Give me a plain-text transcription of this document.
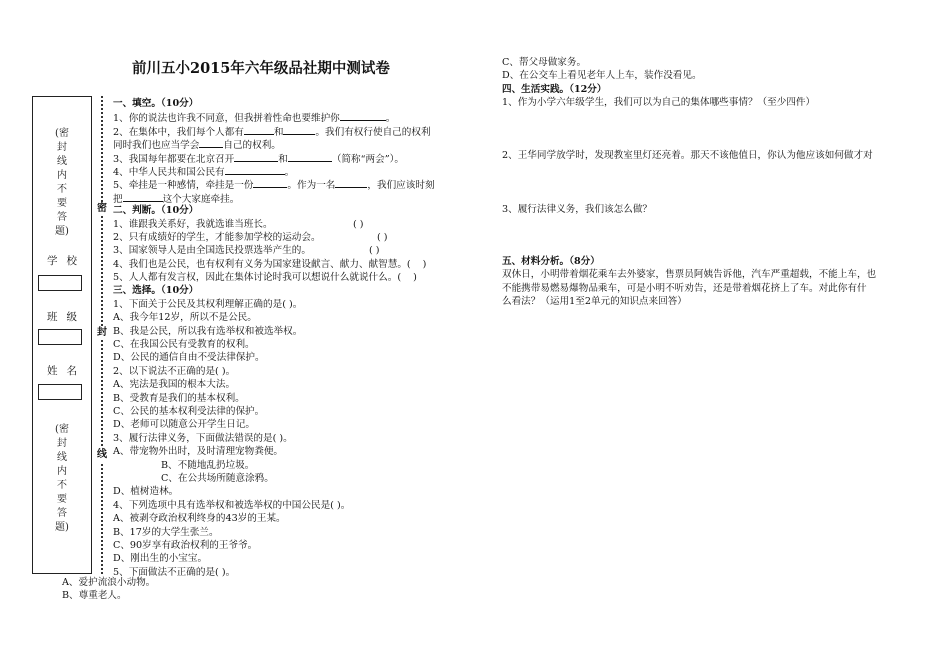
前川五小2015年六年级品社期中测试卷
(密封线内不要答题)
学校
班级
姓名
(密封线内不要答题)
密
封
线
一、填空。（10分）
1、你的说法也许我不同意，但我拼着性命也要维护你	。
2、在集体中，我们每个人都有	和	。我们有权行使自己的权利
同时我们也应当学会	自己的权利。
3、我国每年都要在北京召开	和	（简称“两会”）。
4、中华人民共和国公民有	。
5、牵挂是一种感情，牵挂是一份	。作为一名	，我们应该时刻
把	这个大家庭牵挂。
二、判断。（10分）
1、谁跟我关系好，我就选谁当班长。	( )
2、只有成绩好的学生，才能参加学校的运动会。	( )
3、国家领导人是由全国选民投票选举产生的。	( )
4、我们也是公民，也有权利有义务为国家建设献言、献力、献智慧。( )
5、人人都有发言权，因此在集体讨论时我可以想说什么就说什么。( )
三、选择。（10分）
1、下面关于公民及其权利理解正确的是( )。
A、我今年12岁，所以不是公民。
B、我是公民，所以我有选举权和被选举权。
C、在我国公民有受教育的权利。
D、公民的通信自由不受法律保护。
2、以下说法不正确的是( )。
A、宪法是我国的根本大法。
B、受教育是我们的基本权利。
C、公民的基本权利受法律的保护。
D、老师可以随意公开学生日记。
3、履行法律义务，下面做法错误的是( )。
A、带宠物外出时，及时清理宠物粪便。
B、不随地乱扔垃圾。
C、在公共场所随意涂鸦。
D、植树造林。
4、下列选项中具有选举权和被选举权的中国公民是( )。
A、被剥夺政治权利终身的43岁的王某。
B、17岁的大学生张兰。
C、90岁享有政治权利的王爷爷。
D、刚出生的小宝宝。
5、下面做法不正确的是( )。
A、爱护流浪小动物。
B、尊重老人。
C、帮父母做家务。
D、在公交车上看见老年人上车，装作没看见。
四、生活实践。（12分）
1、作为小学六年级学生，我们可以为自己的集体哪些事情？（至少四件）
2、王华同学放学时，发现教室里灯还亮着。那天不该他值日，你认为他应该如何做才对
3、履行法律义务，我们该怎么做？
五、材料分析。（8分）
双休日，小明带着烟花乘车去外婆家，售票员阿姨告诉他，汽车严重超载，不能上车，也
不能携带易燃易爆物品乘车，可是小明不听劝告，还是带着烟花挤上了车。对此你有什
么看法？（运用1至2单元的知识点来回答）
